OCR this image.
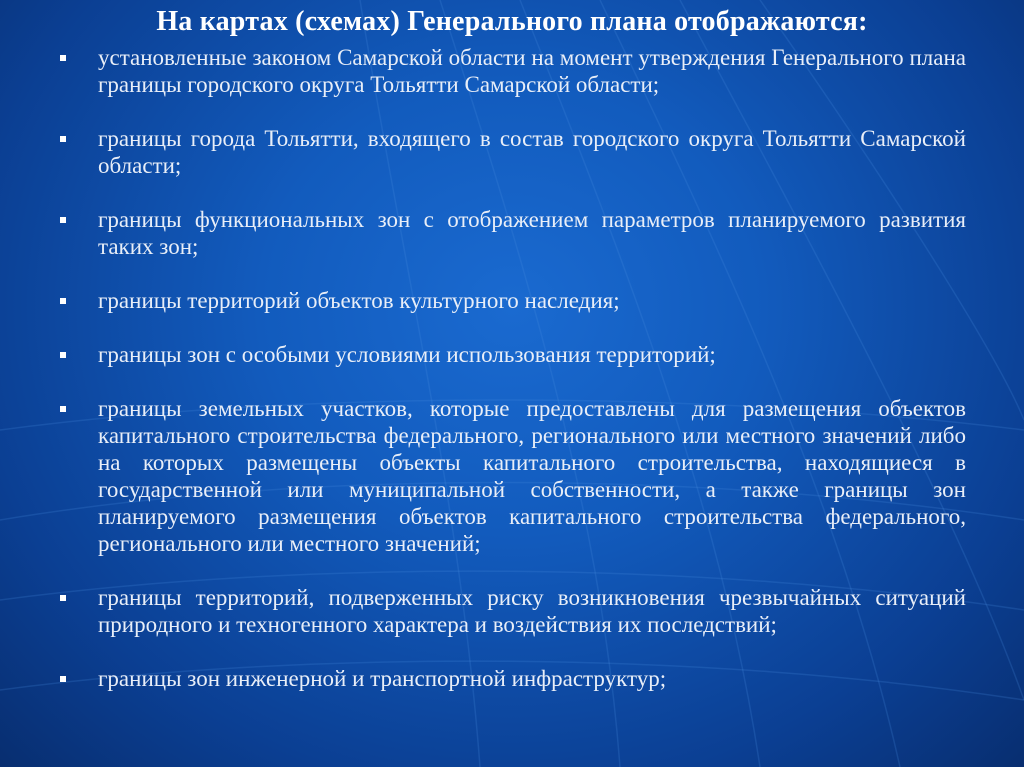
На картах (схемах) Генерального плана отображаются:
установленные законом Самарской области на момент утверждения Генерального плана границы городского округа Тольятти Самарской области;
границы города Тольятти, входящего в состав городского округа Тольятти Самарской области;
границы функциональных зон с отображением параметров планируемого развития таких зон;
границы территорий объектов культурного наследия;
границы зон с особыми условиями использования территорий;
границы земельных участков, которые предоставлены для размещения объектов капитального строительства федерального, регионального или местного значений либо на которых размещены объекты капитального строительства, находящиеся в государственной или муниципальной собственности, а также границы зон планируемого размещения объектов капитального строительства федерального, регионального или местного значений;
границы территорий, подверженных риску возникновения чрезвычайных ситуаций природного и техногенного характера и воздействия их последствий;
границы зон инженерной и транспортной инфраструктур;
